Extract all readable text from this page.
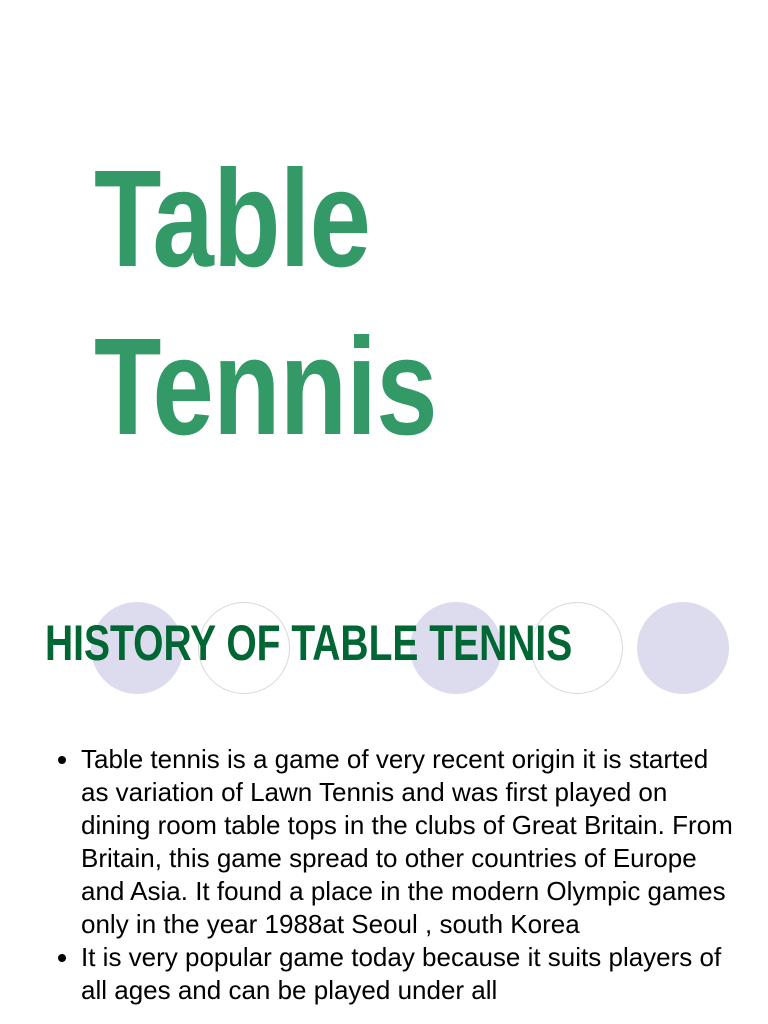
Table
Tennis
HISTORY OF TABLE TENNIS
• Table tennis is a game of very recent origin it is started as variation of Lawn Tennis and was first played on dining room table tops in the clubs of Great Britain. From Britain, this game spread to other countries of Europe and Asia. It found a place in the modern Olympic games only in the year 1988at Seoul , south Korea
• It is very popular game today because it suits players of all ages and can be played under all
